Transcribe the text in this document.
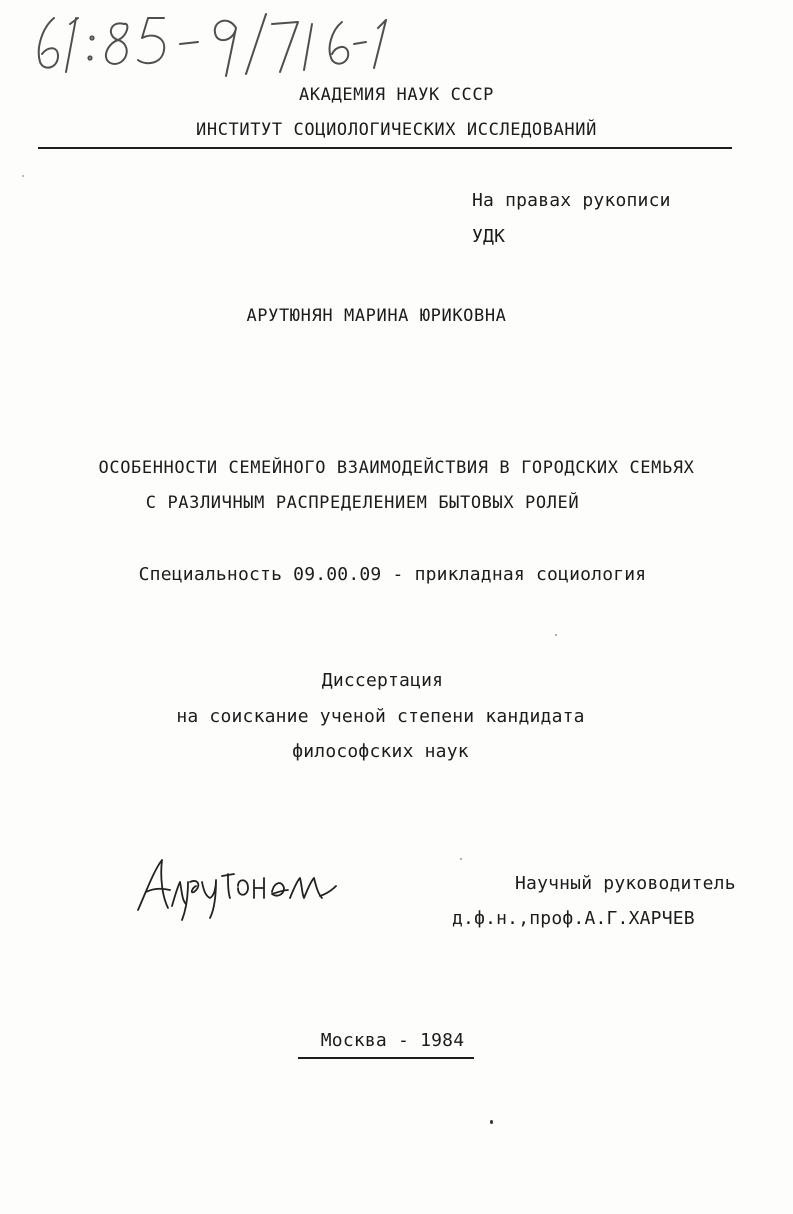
АКАДЕМИЯ НАУК СССР
ИНСТИТУТ СОЦИОЛОГИЧЕСКИХ ИССЛЕДОВАНИЙ
На правах рукописи
УДК
АРУТЮНЯН МАРИНА ЮРИКОВНА
ОСОБЕННОСТИ СЕМЕЙНОГО ВЗАИМОДЕЙСТВИЯ В ГОРОДСКИХ СЕМЬЯХ
С РАЗЛИЧНЫМ РАСПРЕДЕЛЕНИЕМ БЫТОВЫХ РОЛЕЙ
Специальность 09.00.09 - прикладная социология
Диссертация
на соискание ученой степени кандидата
философских наук
Научный руководитель
д.ф.н.,проф.А.Г.ХАРЧЕВ
Москва - 1984
